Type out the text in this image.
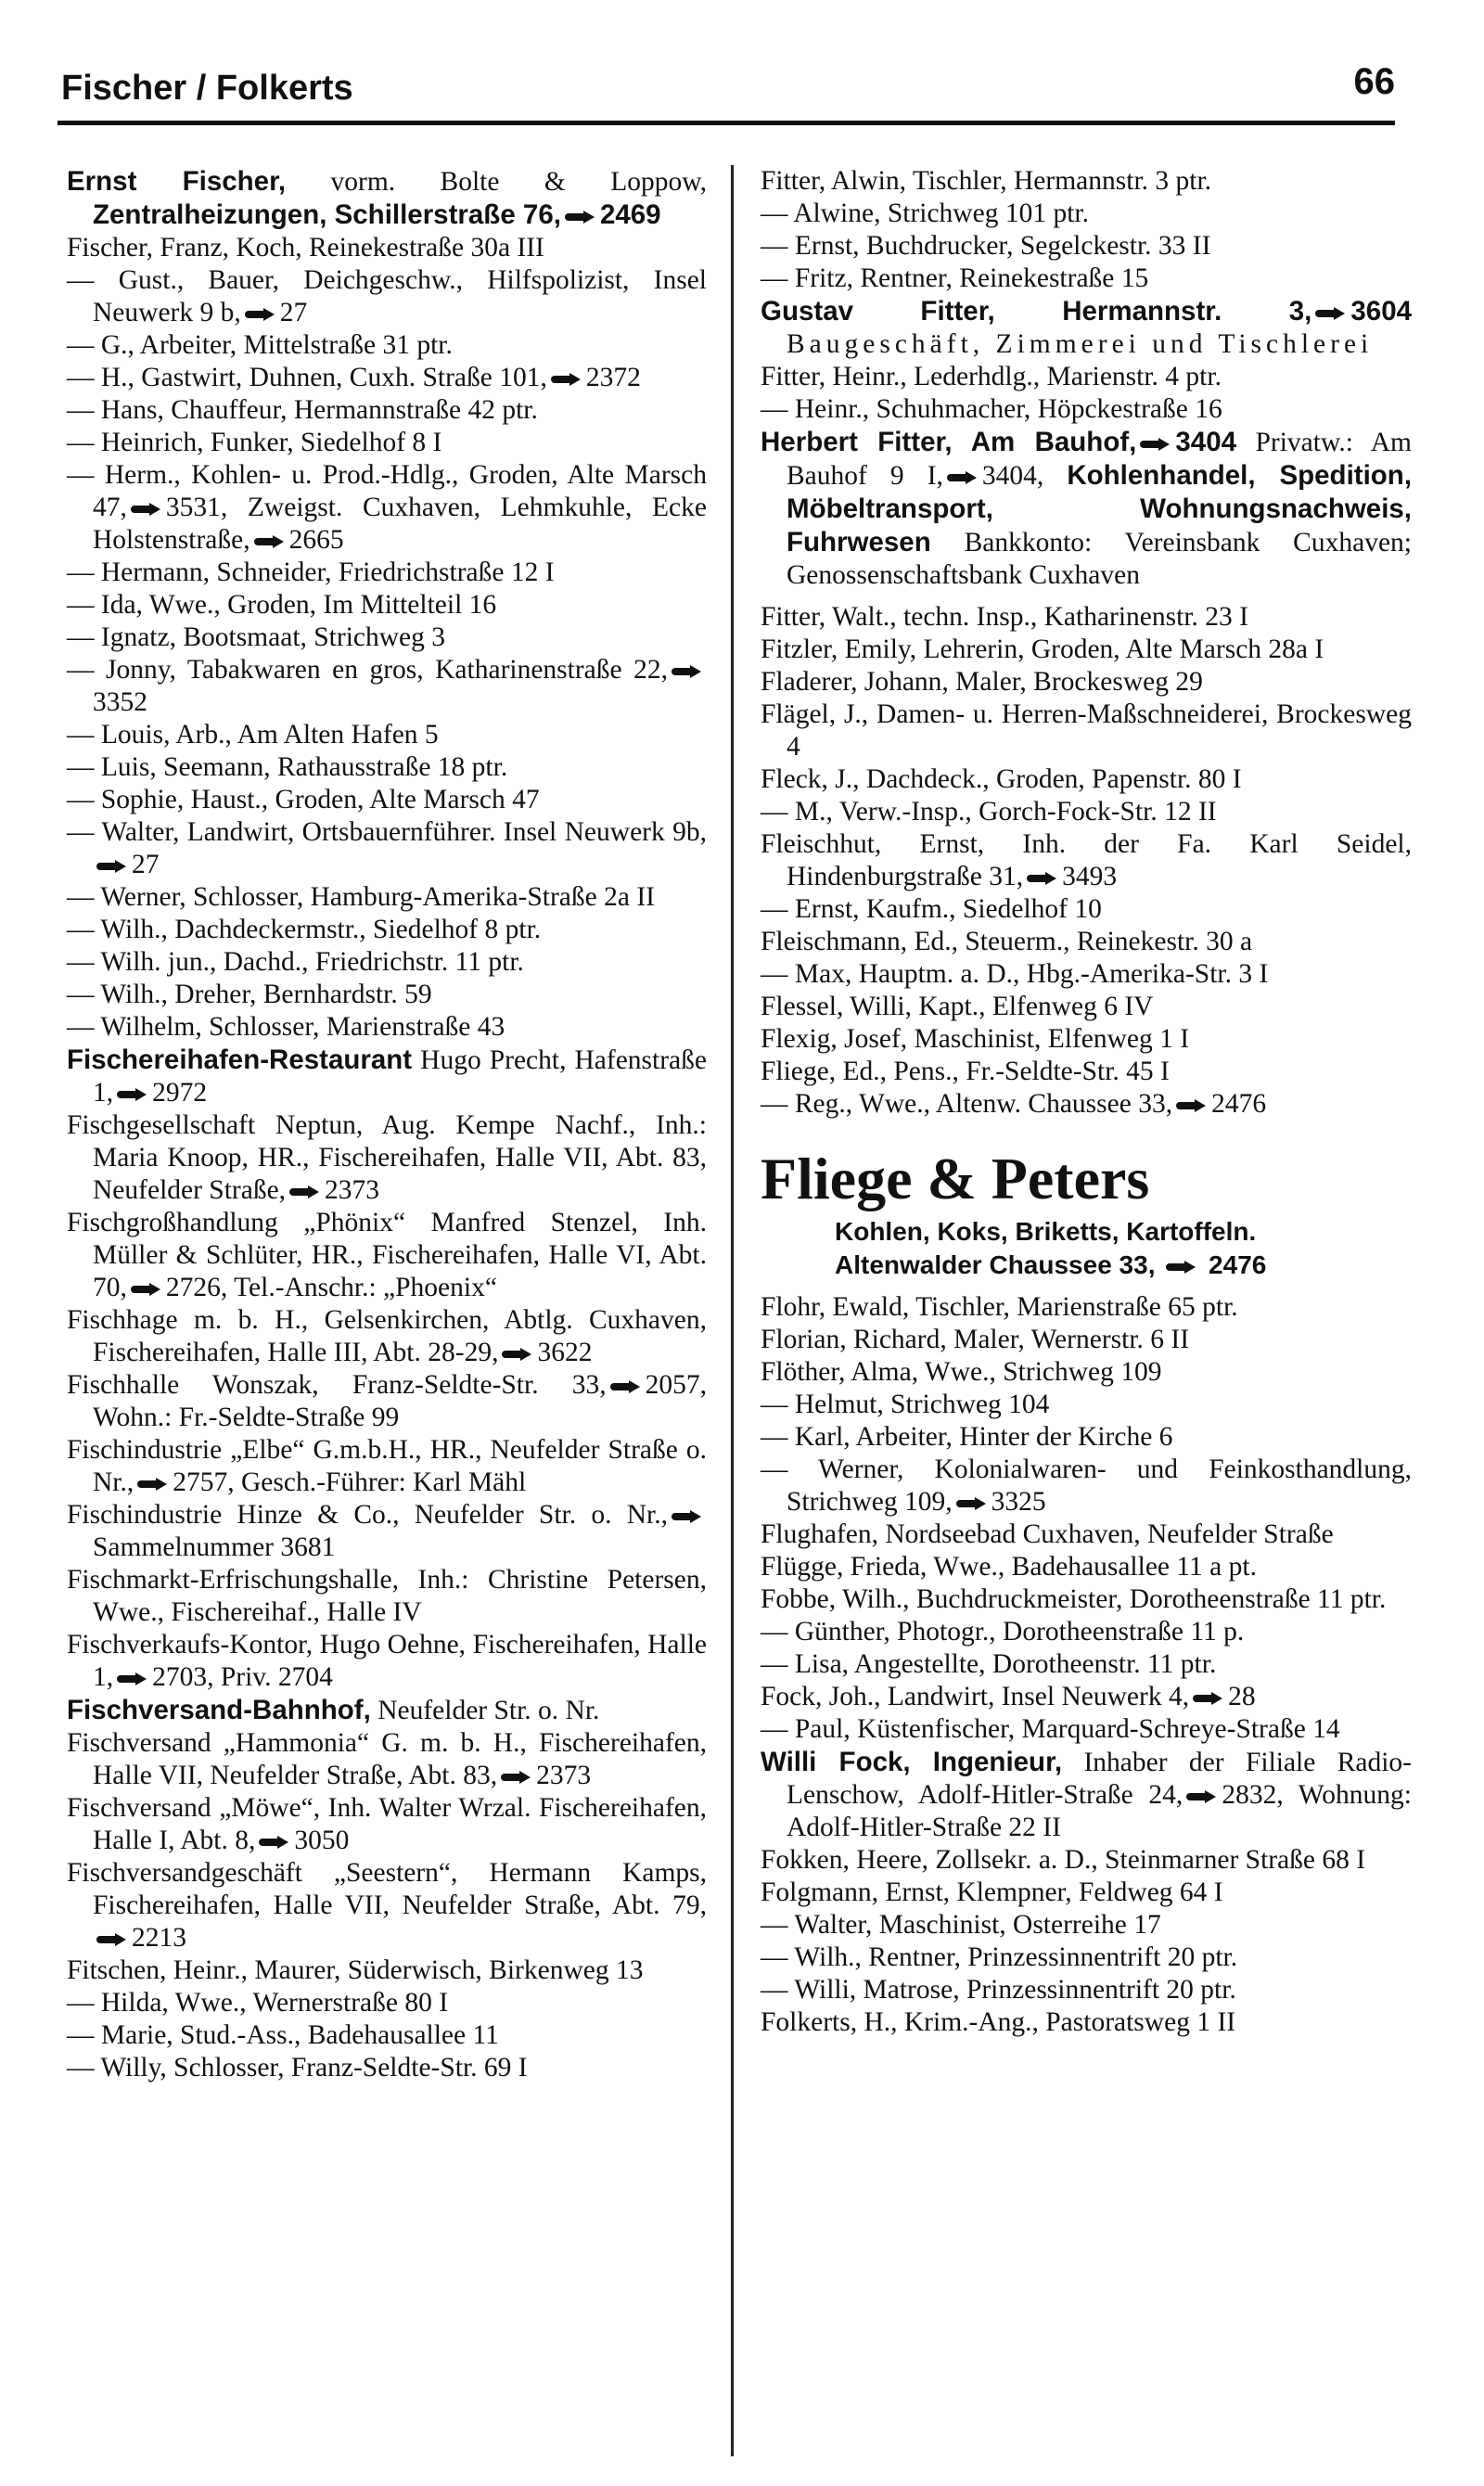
Fischer / Folkerts	66

Ernst Fischer, vorm. Bolte & Loppow, Zentralheizungen, Schillerstraße 76, 2469

Fischer, Franz, Koch, Reinekestraße 30a III

— Gust., Bauer, Deichgeschw., Hilfspolizist, Insel Neuwerk 9 b, 27

— G., Arbeiter, Mittelstraße 31 ptr.

— H., Gastwirt, Duhnen, Cuxh. Straße 101, 2372

— Hans, Chauffeur, Hermannstraße 42 ptr.

— Heinrich, Funker, Siedelhof 8 I

— Herm., Kohlen- u. Prod.-Hdlg., Groden, Alte Marsch 47, 3531, Zweigst. Cuxhaven, Lehmkuhle, Ecke Holstenstraße, 2665

— Hermann, Schneider, Friedrichstraße 12 I

— Ida, Wwe., Groden, Im Mittelteil 16

— Ignatz, Bootsmaat, Strichweg 3

— Jonny, Tabakwaren en gros, Katharinenstraße 22,3352

— Louis, Arb., Am Alten Hafen 5

— Luis, Seemann, Rathausstraße 18 ptr.

— Sophie, Haust., Groden, Alte Marsch 47

— Walter, Landwirt, Ortsbauernführer. Insel Neuwerk 9b,27

— Werner, Schlosser, Hamburg-Amerika-Straße 2a II

— Wilh., Dachdeckermstr., Siedelhof 8 ptr.

— Wilh. jun., Dachd., Friedrichstr. 11 ptr.

— Wilh., Dreher, Bernhardstr. 59

— Wilhelm, Schlosser, Marienstraße 43

Fischereihafen-Restaurant Hugo Precht, Hafenstraße 1, 2972

Fischgesellschaft Neptun, Aug. Kempe Nachf., Inh.: Maria Knoop, HR., Fischereihafen, Halle VII, Abt. 83, Neufelder Straße, 2373

Fischgroßhandlung „Phönix“ Manfred Stenzel, Inh. Müller & Schlüter, HR., Fischereihafen, Halle VI, Abt. 70, 2726, Tel.-Anschr.: „Phoenix“

Fischhage m. b. H., Gelsenkirchen, Abtlg. Cuxhaven, Fischereihafen, Halle III, Abt. 28-29, 3622

Fischhalle Wonszak, Franz-Seldte-Str. 33, 2057, Wohn.: Fr.-Seldte-Straße 99

Fischindustrie „Elbe“ G.m.b.H., HR., Neufelder Straße o. Nr., 2757, Gesch.-Führer: Karl Mähl

Fischindustrie Hinze & Co., Neufelder Str. o. Nr.,Sammelnummer 3681

Fischmarkt-Erfrischungshalle, Inh.: Christine Petersen, Wwe., Fischereihaf., Halle IV

Fischverkaufs-Kontor, Hugo Oehne, Fischereihafen, Halle 1, 2703, Priv. 2704

Fischversand-Bahnhof, Neufelder Str. o. Nr.

Fischversand „Hammonia“ G. m. b. H., Fischereihafen, Halle VII, Neufelder Straße, Abt. 83, 2373

Fischversand „Möwe“, Inh. Walter Wrzal. Fischereihafen, Halle I, Abt. 8, 3050

Fischversandgeschäft „Seestern“, Hermann Kamps, Fischereihafen, Halle VII, Neufelder Straße, Abt. 79,2213

Fitschen, Heinr., Maurer, Süderwisch, Birkenweg 13

— Hilda, Wwe., Wernerstraße 80 I

— Marie, Stud.-Ass., Badehausallee 11

— Willy, Schlosser, Franz-Seldte-Str. 69 I

Fitter, Alwin, Tischler, Hermannstr. 3 ptr.

— Alwine, Strichweg 101 ptr.

— Ernst, Buchdrucker, Segelckestr. 33 II

— Fritz, Rentner, Reinekestraße 15

Gustav Fitter, Hermannstr. 3, 3604 Baugeschäft, Zimmerei und Tischlerei

Fitter, Heinr., Lederhdlg., Marienstr. 4 ptr.

— Heinr., Schuhmacher, Höpckestraße 16

Herbert Fitter, Am Bauhof, 3404 Privatw.: Am Bauhof 9 I, 3404, Kohlenhandel, Spedition, Möbeltransport, Wohnungsnachweis, Fuhrwesen Bankkonto: Vereinsbank Cuxhaven; Genossenschaftsbank Cuxhaven

Fitter, Walt., techn. Insp., Katharinenstr. 23 I

Fitzler, Emily, Lehrerin, Groden, Alte Marsch 28a I

Fladerer, Johann, Maler, Brockesweg 29

Flägel, J., Damen- u. Herren-Maßschneiderei, Brockesweg 4

Fleck, J., Dachdeck., Groden, Papenstr. 80 I

— M., Verw.-Insp., Gorch-Fock-Str. 12 II

Fleischhut, Ernst, Inh. der Fa. Karl Seidel, Hindenburgstraße 31, 3493

— Ernst, Kaufm., Siedelhof 10

Fleischmann, Ed., Steuerm., Reinekestr. 30 a

— Max, Hauptm. a. D., Hbg.-Amerika-Str. 3 I

Flessel, Willi, Kapt., Elfenweg 6 IV

Flexig, Josef, Maschinist, Elfenweg 1 I

Fliege, Ed., Pens., Fr.-Seldte-Str. 45 I

— Reg., Wwe., Altenw. Chaussee 33, 2476

Fliege & Peters
Kohlen, Koks, Briketts, Kartoffeln.
Altenwalder Chaussee 33,  2476

Flohr, Ewald, Tischler, Marienstraße 65 ptr.

Florian, Richard, Maler, Wernerstr. 6 II

Flöther, Alma, Wwe., Strichweg 109

— Helmut, Strichweg 104

— Karl, Arbeiter, Hinter der Kirche 6

— Werner, Kolonialwaren- und Feinkosthandlung, Strichweg 109, 3325

Flughafen, Nordseebad Cuxhaven, Neufelder Straße

Flügge, Frieda, Wwe., Badehausallee 11 a pt.

Fobbe, Wilh., Buchdruckmeister, Dorotheenstraße 11 ptr.

— Günther, Photogr., Dorotheenstraße 11 p.

— Lisa, Angestellte, Dorotheenstr. 11 ptr.

Fock, Joh., Landwirt, Insel Neuwerk 4, 28

— Paul, Küstenfischer, Marquard-Schreye-Straße 14

Willi Fock, Ingenieur, Inhaber der Filiale Radio-Lenschow, Adolf-Hitler-Straße 24, 2832, Wohnung: Adolf-Hitler-Straße 22 II

Fokken, Heere, Zollsekr. a. D., Steinmarner Straße 68 I

Folgmann, Ernst, Klempner, Feldweg 64 I

— Walter, Maschinist, Osterreihe 17

— Wilh., Rentner, Prinzessinnentrift 20 ptr.

— Willi, Matrose, Prinzessinnentrift 20 ptr.

Folkerts, H., Krim.-Ang., Pastoratsweg 1 II
